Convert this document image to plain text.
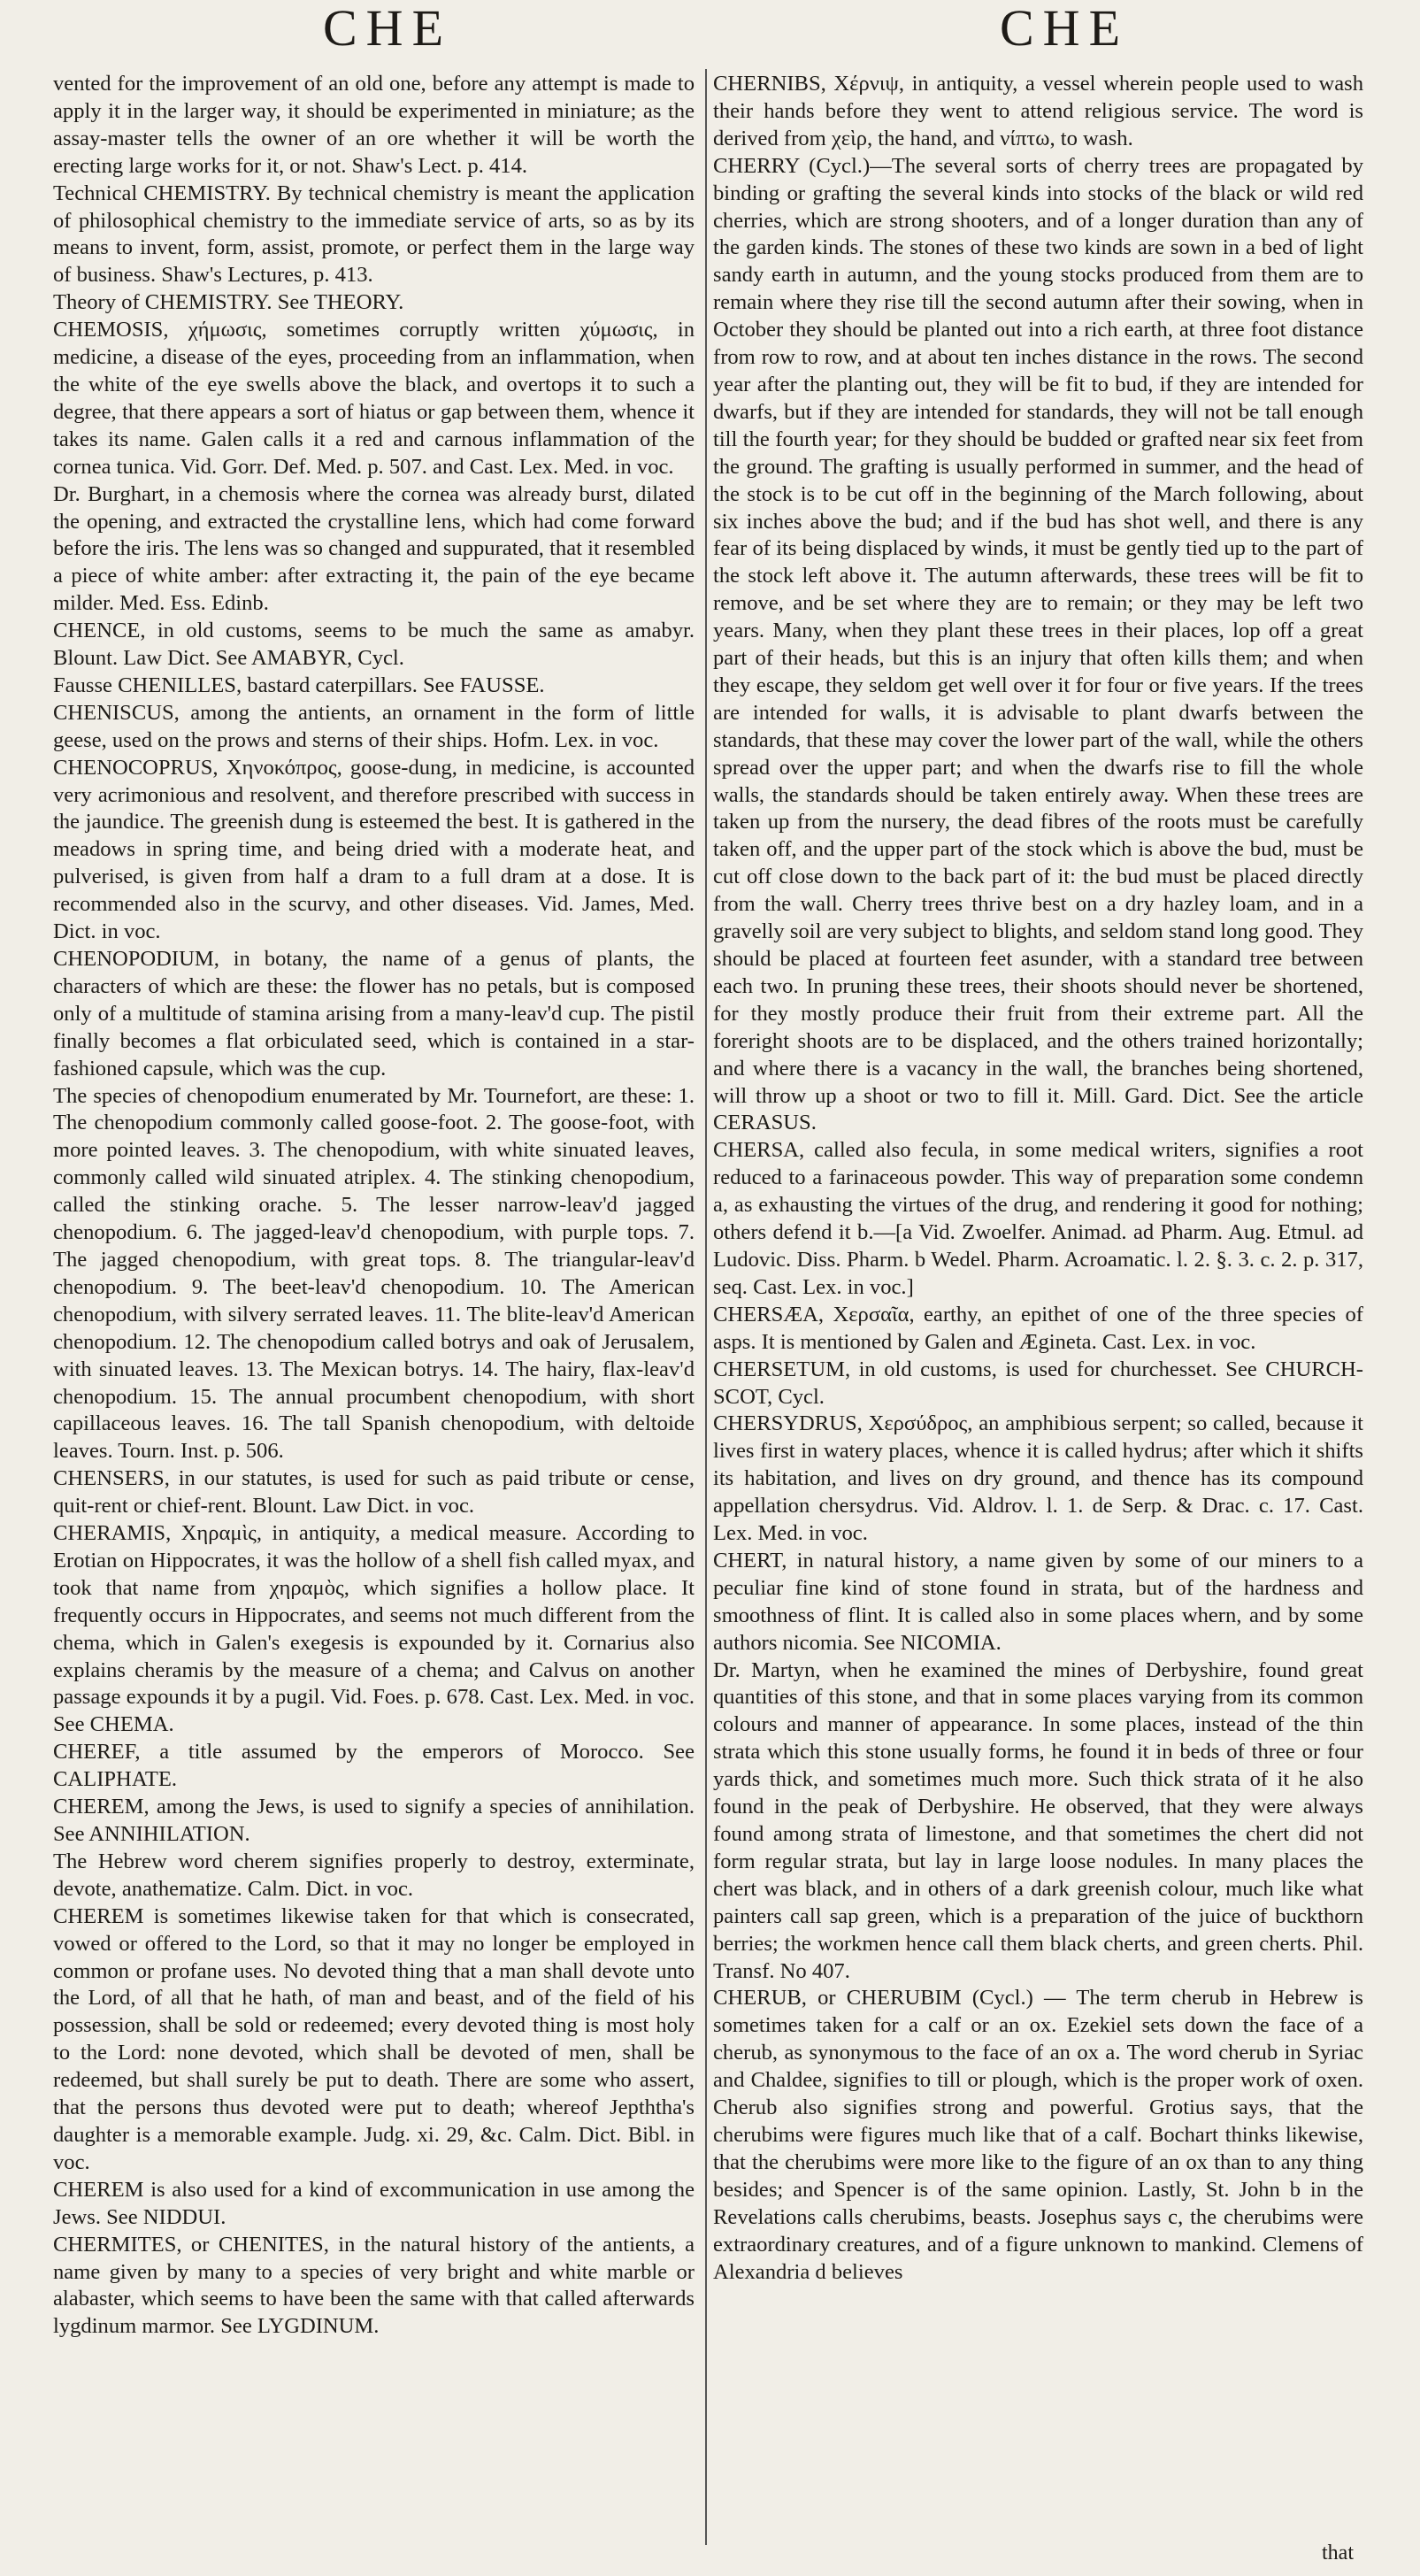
CHE	CHE

vented for the improvement of an old one, before any attempt is made to apply it in the larger way, it should be experimented in miniature; as the assay-master tells the owner of an ore whether it will be worth the erecting large works for it, or not. Shaw's Lect. p. 414.

Technical CHEMISTRY. By technical chemistry is meant the application of philosophical chemistry to the immediate service of arts, so as by its means to invent, form, assist, promote, or perfect them in the large way of business. Shaw's Lectures, p. 413.

Theory of CHEMISTRY. See THEORY.

CHEMOSIS, χήμωσις, sometimes corruptly written χύμωσις, in medicine, a disease of the eyes, proceeding from an inflammation, when the white of the eye swells above the black, and overtops it to such a degree, that there appears a sort of hiatus or gap between them, whence it takes its name. Galen calls it a red and carnous inflammation of the cornea tunica. Vid. Gorr. Def. Med. p. 507. and Cast. Lex. Med. in voc.

Dr. Burghart, in a chemosis where the cornea was already burst, dilated the opening, and extracted the crystalline lens, which had come forward before the iris. The lens was so changed and suppurated, that it resembled a piece of white amber: after extracting it, the pain of the eye became milder. Med. Ess. Edinb.

CHENCE, in old customs, seems to be much the same as amabyr. Blount. Law Dict. See AMABYR, Cycl.

Fausse CHENILLES, bastard caterpillars. See FAUSSE.

CHENISCUS, among the antients, an ornament in the form of little geese, used on the prows and sterns of their ships. Hofm. Lex. in voc.

CHENOCOPRUS, Χηνοκόπρος, goose-dung, in medicine, is accounted very acrimonious and resolvent, and therefore prescribed with success in the jaundice. The greenish dung is esteemed the best. It is gathered in the meadows in spring time, and being dried with a moderate heat, and pulverised, is given from half a dram to a full dram at a dose. It is recommended also in the scurvy, and other diseases. Vid. James, Med. Dict. in voc.

CHENOPODIUM, in botany, the name of a genus of plants, the characters of which are these: the flower has no petals, but is composed only of a multitude of stamina arising from a many-leav'd cup. The pistil finally becomes a flat orbiculated seed, which is contained in a star-fashioned capsule, which was the cup.

The species of chenopodium enumerated by Mr. Tournefort, are these: 1. The chenopodium commonly called goose-foot. 2. The goose-foot, with more pointed leaves. 3. The chenopodium, with white sinuated leaves, commonly called wild sinuated atriplex. 4. The stinking chenopodium, called the stinking orache. 5. The lesser narrow-leav'd jagged chenopodium. 6. The jagged-leav'd chenopodium, with purple tops. 7. The jagged chenopodium, with great tops. 8. The triangular-leav'd chenopodium. 9. The beet-leav'd chenopodium. 10. The American chenopodium, with silvery serrated leaves. 11. The blite-leav'd American chenopodium. 12. The chenopodium called botrys and oak of Jerusalem, with sinuated leaves. 13. The Mexican botrys. 14. The hairy, flax-leav'd chenopodium. 15. The annual procumbent chenopodium, with short capillaceous leaves. 16. The tall Spanish chenopodium, with deltoide leaves. Tourn. Inst. p. 506.

CHENSERS, in our statutes, is used for such as paid tribute or cense, quit-rent or chief-rent. Blount. Law Dict. in voc.

CHERAMIS, Χηραμὶς, in antiquity, a medical measure. According to Erotian on Hippocrates, it was the hollow of a shell fish called myax, and took that name from χηραμὸς, which signifies a hollow place. It frequently occurs in Hippocrates, and seems not much different from the chema, which in Galen's exegesis is expounded by it. Cornarius also explains cheramis by the measure of a chema; and Calvus on another passage expounds it by a pugil. Vid. Foes. p. 678. Cast. Lex. Med. in voc. See CHEMA.

CHEREF, a title assumed by the emperors of Morocco. See CALIPHATE.

CHEREM, among the Jews, is used to signify a species of annihilation. See ANNIHILATION.

The Hebrew word cherem signifies properly to destroy, exterminate, devote, anathematize. Calm. Dict. in voc.

CHEREM is sometimes likewise taken for that which is consecrated, vowed or offered to the Lord, so that it may no longer be employed in common or profane uses. No devoted thing that a man shall devote unto the Lord, of all that he hath, of man and beast, and of the field of his possession, shall be sold or redeemed; every devoted thing is most holy to the Lord: none devoted, which shall be devoted of men, shall be redeemed, but shall surely be put to death. There are some who assert, that the persons thus devoted were put to death; whereof Jepththa's daughter is a memorable example. Judg. xi. 29, &c. Calm. Dict. Bibl. in voc.

CHEREM is also used for a kind of excommunication in use among the Jews. See NIDDUI.

CHERMITES, or CHENITES, in the natural history of the antients, a name given by many to a species of very bright and white marble or alabaster, which seems to have been the same with that called afterwards lygdinum marmor. See LYGDINUM.

CHERNIBS, Χέρνιψ, in antiquity, a vessel wherein people used to wash their hands before they went to attend religious service. The word is derived from χεὶρ, the hand, and νίπτω, to wash.

CHERRY (Cycl.)—The several sorts of cherry trees are propagated by binding or grafting the several kinds into stocks of the black or wild red cherries, which are strong shooters, and of a longer duration than any of the garden kinds. The stones of these two kinds are sown in a bed of light sandy earth in autumn, and the young stocks produced from them are to remain where they rise till the second autumn after their sowing, when in October they should be planted out into a rich earth, at three foot distance from row to row, and at about ten inches distance in the rows. The second year after the planting out, they will be fit to bud, if they are intended for dwarfs, but if they are intended for standards, they will not be tall enough till the fourth year; for they should be budded or grafted near six feet from the ground. The grafting is usually performed in summer, and the head of the stock is to be cut off in the beginning of the March following, about six inches above the bud; and if the bud has shot well, and there is any fear of its being displaced by winds, it must be gently tied up to the part of the stock left above it. The autumn afterwards, these trees will be fit to remove, and be set where they are to remain; or they may be left two years. Many, when they plant these trees in their places, lop off a great part of their heads, but this is an injury that often kills them; and when they escape, they seldom get well over it for four or five years. If the trees are intended for walls, it is advisable to plant dwarfs between the standards, that these may cover the lower part of the wall, while the others spread over the upper part; and when the dwarfs rise to fill the whole walls, the standards should be taken entirely away. When these trees are taken up from the nursery, the dead fibres of the roots must be carefully taken off, and the upper part of the stock which is above the bud, must be cut off close down to the back part of it: the bud must be placed directly from the wall. Cherry trees thrive best on a dry hazley loam, and in a gravelly soil are very subject to blights, and seldom stand long good. They should be placed at fourteen feet asunder, with a standard tree between each two. In pruning these trees, their shoots should never be shortened, for they mostly produce their fruit from their extreme part. All the foreright shoots are to be displaced, and the others trained horizontally; and where there is a vacancy in the wall, the branches being shortened, will throw up a shoot or two to fill it. Mill. Gard. Dict. See the article CERASUS.

CHERSA, called also fecula, in some medical writers, signifies a root reduced to a farinaceous powder. This way of preparation some condemn a, as exhausting the virtues of the drug, and rendering it good for nothing; others defend it b.—[a Vid. Zwoelfer. Animad. ad Pharm. Aug. Etmul. ad Ludovic. Diss. Pharm. b Wedel. Pharm. Acroamatic. l. 2. §. 3. c. 2. p. 317, seq. Cast. Lex. in voc.]

CHERSÆA, Χερσαῖα, earthy, an epithet of one of the three species of asps. It is mentioned by Galen and Ægineta. Cast. Lex. in voc.

CHERSETUM, in old customs, is used for churchesset. See CHURCH-SCOT, Cycl.

CHERSYDRUS, Χερσύδρος, an amphibious serpent; so called, because it lives first in watery places, whence it is called hydrus; after which it shifts its habitation, and lives on dry ground, and thence has its compound appellation chersydrus. Vid. Aldrov. l. 1. de Serp. & Drac. c. 17. Cast. Lex. Med. in voc.

CHERT, in natural history, a name given by some of our miners to a peculiar fine kind of stone found in strata, but of the hardness and smoothness of flint. It is called also in some places whern, and by some authors nicomia. See NICOMIA.

Dr. Martyn, when he examined the mines of Derbyshire, found great quantities of this stone, and that in some places varying from its common colours and manner of appearance. In some places, instead of the thin strata which this stone usually forms, he found it in beds of three or four yards thick, and sometimes much more. Such thick strata of it he also found in the peak of Derbyshire. He observed, that they were always found among strata of limestone, and that sometimes the chert did not form regular strata, but lay in large loose nodules. In many places the chert was black, and in others of a dark greenish colour, much like what painters call sap green, which is a preparation of the juice of buckthorn berries; the workmen hence call them black cherts, and green cherts. Phil. Transf. No 407.

CHERUB, or CHERUBIM (Cycl.) — The term cherub in Hebrew is sometimes taken for a calf or an ox. Ezekiel sets down the face of a cherub, as synonymous to the face of an ox a. The word cherub in Syriac and Chaldee, signifies to till or plough, which is the proper work of oxen. Cherub also signifies strong and powerful. Grotius says, that the cherubims were figures much like that of a calf. Bochart thinks likewise, that the cherubims were more like to the figure of an ox than to any thing besides; and Spencer is of the same opinion. Lastly, St. John b in the Revelations calls cherubims, beasts. Josephus says c, the cherubims were extraordinary creatures, and of a figure unknown to mankind. Clemens of Alexandria d believes

that
